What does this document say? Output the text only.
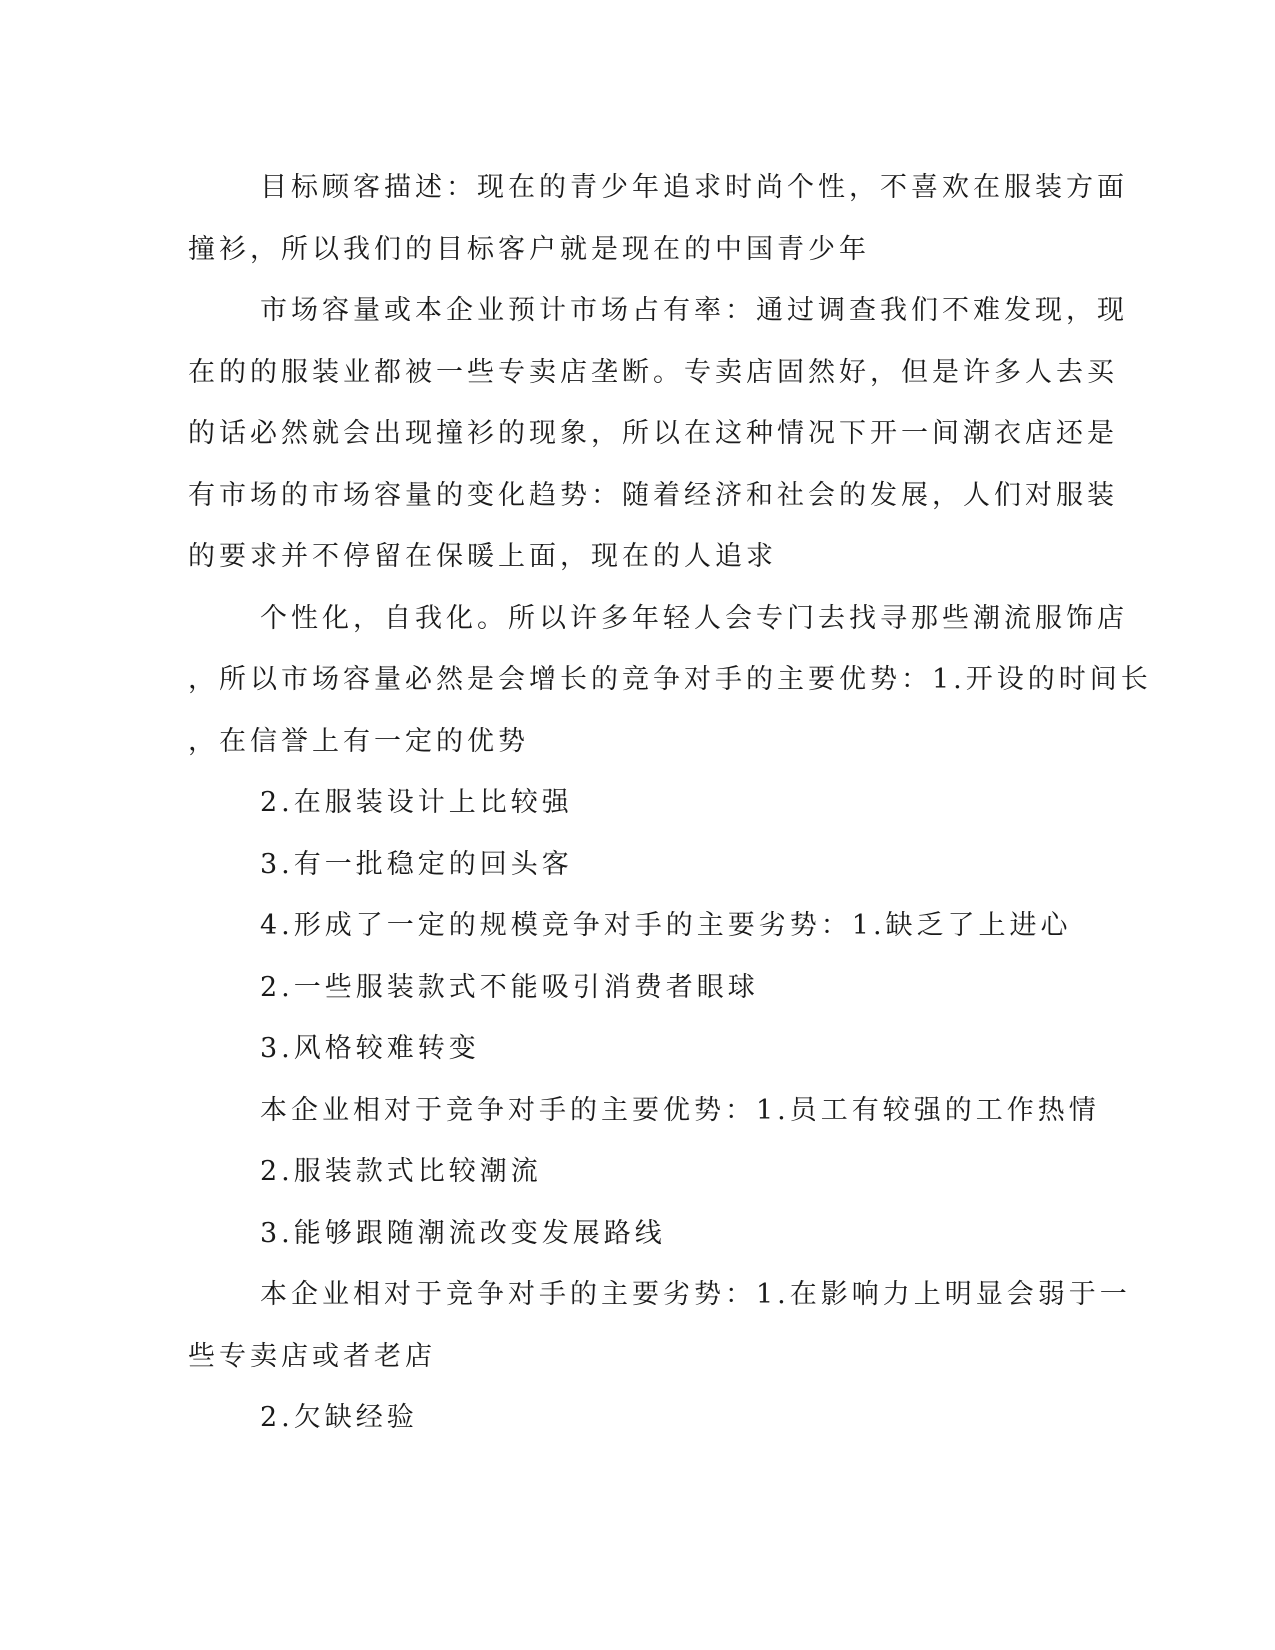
目标顾客描述：现在的青少年追求时尚个性，不喜欢在服装方面
撞衫，所以我们的目标客户就是现在的中国青少年

市场容量或本企业预计市场占有率：通过调查我们不难发现，现
在的的服装业都被一些专卖店垄断。专卖店固然好，但是许多人去买
的话必然就会出现撞衫的现象，所以在这种情况下开一间潮衣店还是
有市场的市场容量的变化趋势：随着经济和社会的发展，人们对服装
的要求并不停留在保暖上面，现在的人追求

个性化，自我化。所以许多年轻人会专门去找寻那些潮流服饰店
，所以市场容量必然是会增长的竞争对手的主要优势：1.开设的时间长
，在信誉上有一定的优势

2.在服装设计上比较强

3.有一批稳定的回头客

4.形成了一定的规模竞争对手的主要劣势：1.缺乏了上进心

2.一些服装款式不能吸引消费者眼球

3.风格较难转变

本企业相对于竞争对手的主要优势：1.员工有较强的工作热情

2.服装款式比较潮流

3.能够跟随潮流改变发展路线

本企业相对于竞争对手的主要劣势：1.在影响力上明显会弱于一
些专卖店或者老店

2.欠缺经验
